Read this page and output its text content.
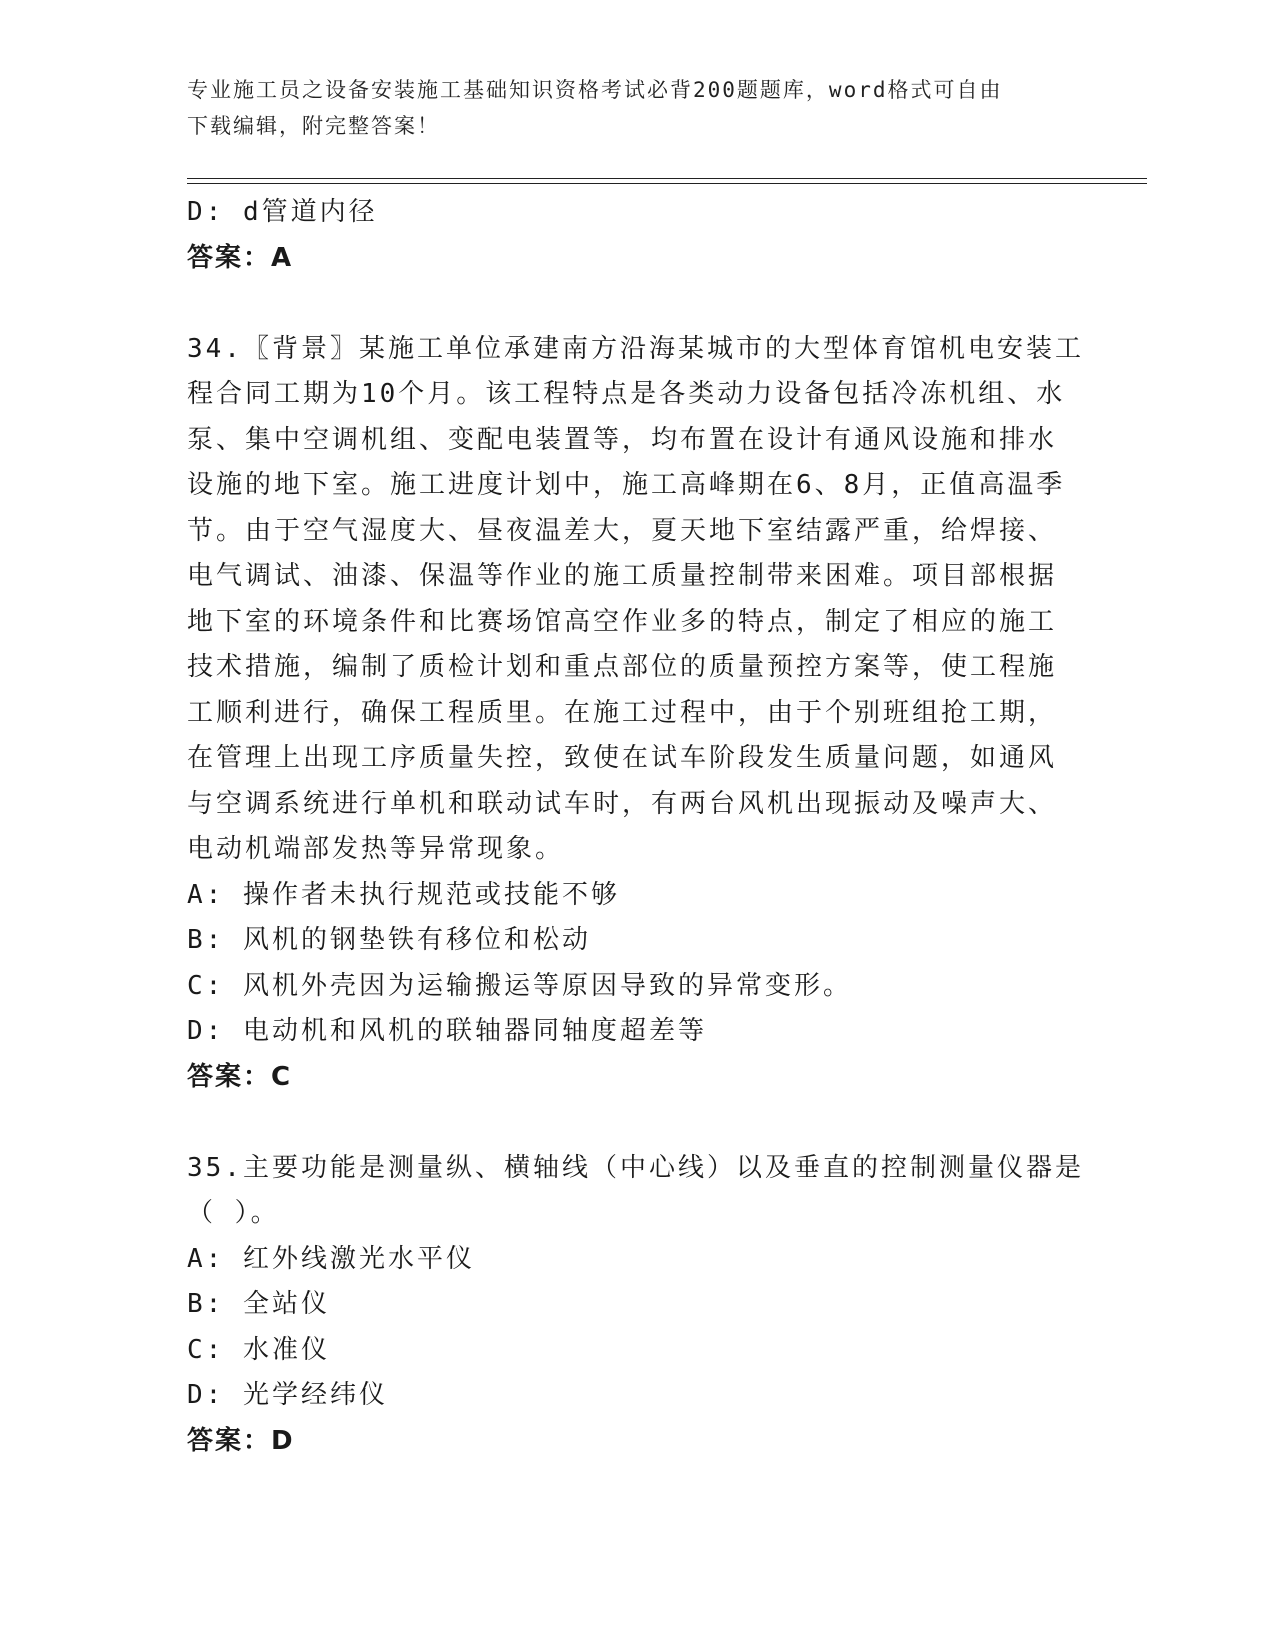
专业施工员之设备安装施工基础知识资格考试必背200题题库，word格式可自由
下载编辑，附完整答案！
D: d管道内径
答案：A
34.〖背景〗某施工单位承建南方沿海某城市的大型体育馆机电安装工
程合同工期为10个月。该工程特点是各类动力设备包括冷冻机组、水
泵、集中空调机组、变配电装置等，均布置在设计有通风设施和排水
设施的地下室。施工进度计划中，施工高峰期在6、8月，正值高温季
节。由于空气湿度大、昼夜温差大，夏天地下室结露严重，给焊接、
电气调试、油漆、保温等作业的施工质量控制带来困难。项目部根据
地下室的环境条件和比赛场馆高空作业多的特点，制定了相应的施工
技术措施，编制了质检计划和重点部位的质量预控方案等，使工程施
工顺利进行，确保工程质里。在施工过程中，由于个别班组抢工期，
在管理上出现工序质量失控，致使在试车阶段发生质量问题，如通风
与空调系统进行单机和联动试车时，有两台风机出现振动及噪声大、
电动机端部发热等异常现象。
A: 操作者未执行规范或技能不够
B: 风机的钢垫铁有移位和松动
C: 风机外壳因为运输搬运等原因导致的异常变形。
D: 电动机和风机的联轴器同轴度超差等
答案：C
35.主要功能是测量纵、横轴线（中心线）以及垂直的控制测量仪器是
（ ）。
A: 红外线激光水平仪
B: 全站仪
C: 水准仪
D: 光学经纬仪
答案：D
